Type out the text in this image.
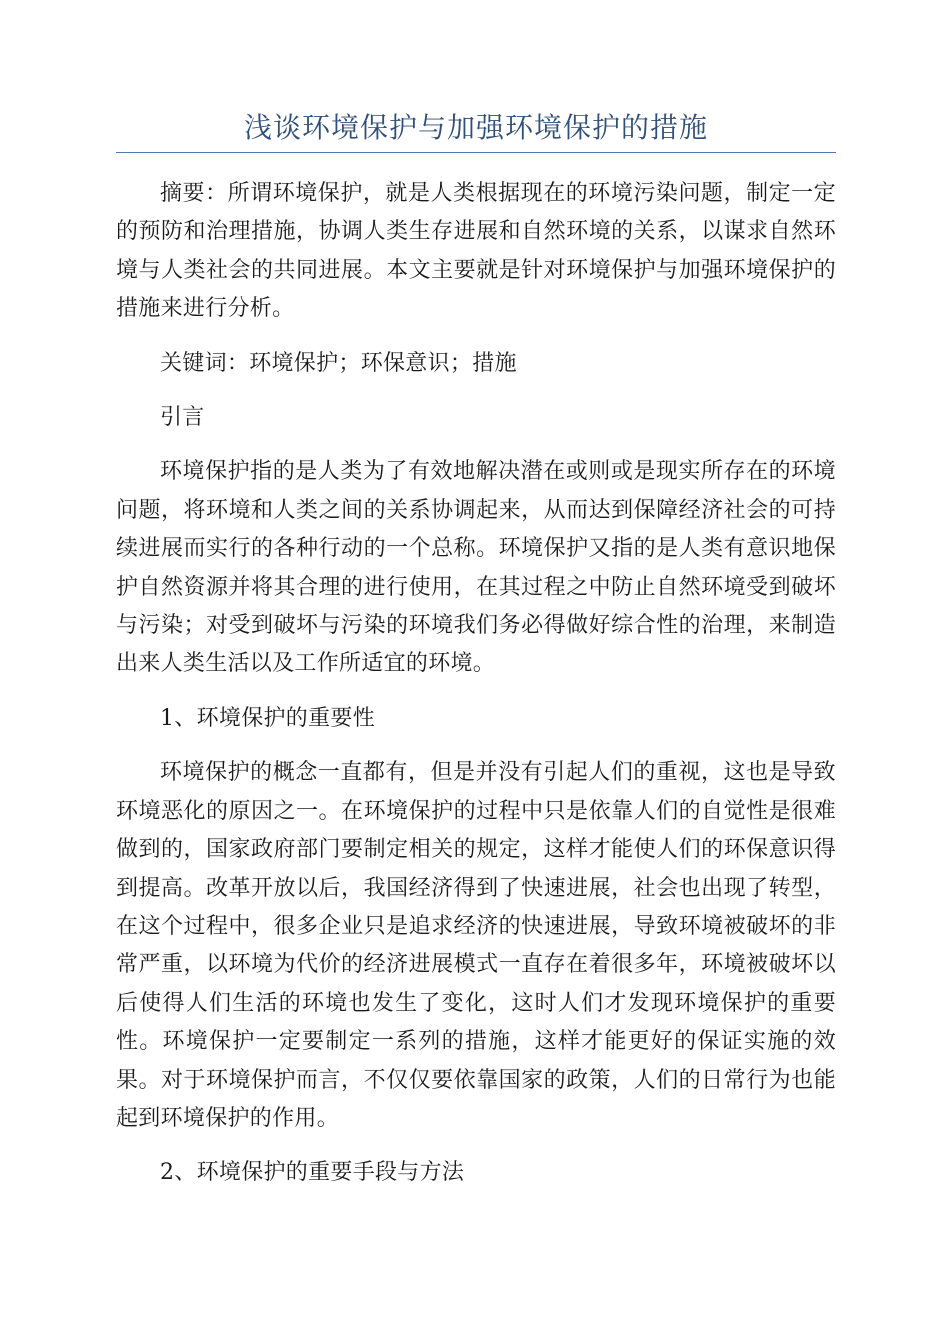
浅谈环境保护与加强环境保护的措施

摘要：所谓环境保护，就是人类根据现在的环境污染问题，制定一定的预防和治理措施，协调人类生存进展和自然环境的关系，以谋求自然环境与人类社会的共同进展。本文主要就是针对环境保护与加强环境保护的措施来进行分析。

关键词：环境保护；环保意识；措施

引言

环境保护指的是人类为了有效地解决潜在或则或是现实所存在的环境问题，将环境和人类之间的关系协调起来，从而达到保障经济社会的可持续进展而实行的各种行动的一个总称。环境保护又指的是人类有意识地保护自然资源并将其合理的进行使用，在其过程之中防止自然环境受到破坏与污染；对受到破坏与污染的环境我们务必得做好综合性的治理，来制造出来人类生活以及工作所适宜的环境。

1、环境保护的重要性

环境保护的概念一直都有，但是并没有引起人们的重视，这也是导致环境恶化的原因之一。在环境保护的过程中只是依靠人们的自觉性是很难做到的，国家政府部门要制定相关的规定，这样才能使人们的环保意识得到提高。改革开放以后，我国经济得到了快速进展，社会也出现了转型，在这个过程中，很多企业只是追求经济的快速进展，导致环境被破坏的非常严重，以环境为代价的经济进展模式一直存在着很多年，环境被破坏以后使得人们生活的环境也发生了变化，这时人们才发现环境保护的重要性。环境保护一定要制定一系列的措施，这样才能更好的保证实施的效果。对于环境保护而言，不仅仅要依靠国家的政策，人们的日常行为也能起到环境保护的作用。

2、环境保护的重要手段与方法
